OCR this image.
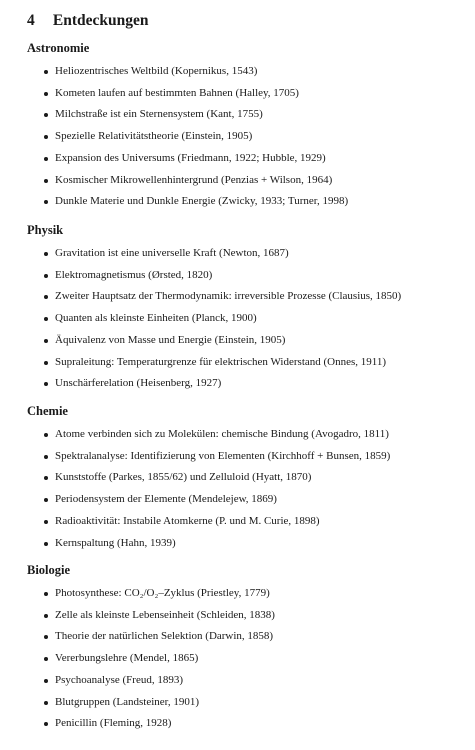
4 Entdeckungen
Astronomie
Heliozentrisches Weltbild (Kopernikus, 1543)
Kometen laufen auf bestimmten Bahnen (Halley, 1705)
Milchstraße ist ein Sternensystem (Kant, 1755)
Spezielle Relativitätstheorie (Einstein, 1905)
Expansion des Universums (Friedmann, 1922; Hubble, 1929)
Kosmischer Mikrowellenhintergrund (Penzias + Wilson, 1964)
Dunkle Materie und Dunkle Energie (Zwicky, 1933; Turner, 1998)
Physik
Gravitation ist eine universelle Kraft (Newton, 1687)
Elektromagnetismus (Ørsted, 1820)
Zweiter Hauptsatz der Thermodynamik: irreversible Prozesse (Clausius, 1850)
Quanten als kleinste Einheiten (Planck, 1900)
Äquivalenz von Masse und Energie (Einstein, 1905)
Supraleitung: Temperaturgrenze für elektrischen Widerstand (Onnes, 1911)
Unschärferelation (Heisenberg, 1927)
Chemie
Atome verbinden sich zu Molekülen: chemische Bindung (Avogadro, 1811)
Spektralanalyse: Identifizierung von Elementen (Kirchhoff + Bunsen, 1859)
Kunststoffe (Parkes, 1855/62) und Zelluloid (Hyatt, 1870)
Periodensystem der Elemente (Mendelejew, 1869)
Radioaktivität: Instabile Atomkerne (P. und M. Curie, 1898)
Kernspaltung (Hahn, 1939)
Biologie
Photosynthese: CO₂/O₂–Zyklus (Priestley, 1779)
Zelle als kleinste Lebenseinheit (Schleiden, 1838)
Theorie der natürlichen Selektion (Darwin, 1858)
Vererbungslehre (Mendel, 1865)
Psychoanalyse (Freud, 1893)
Blutgruppen (Landsteiner, 1901)
Penicillin (Fleming, 1928)
